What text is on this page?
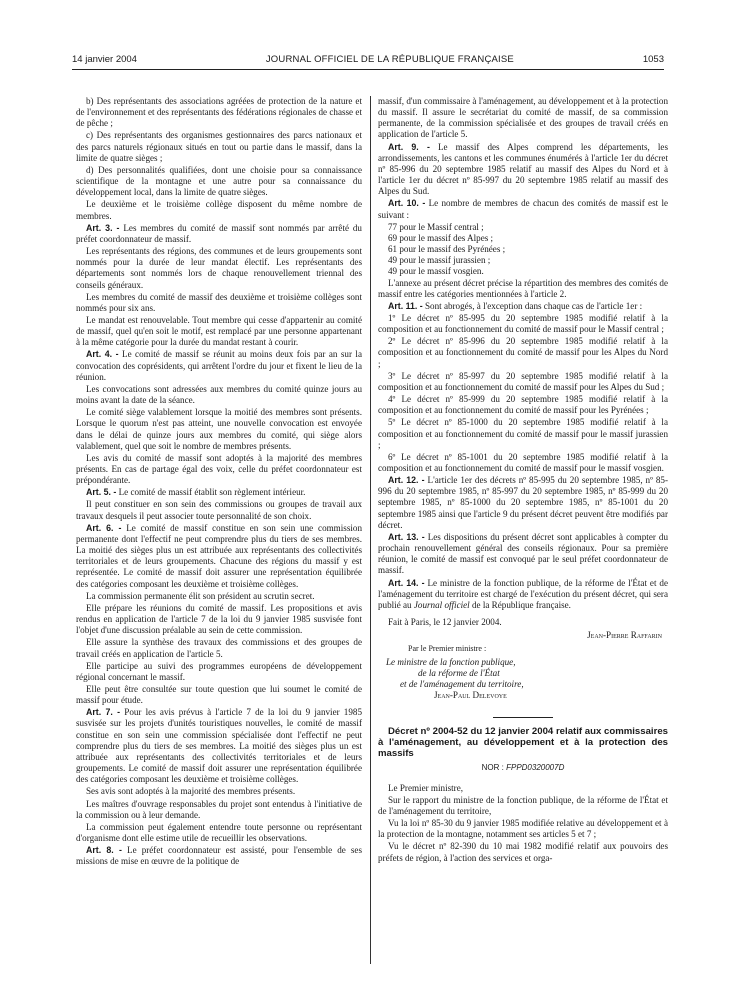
14 janvier 2004	JOURNAL OFFICIEL DE LA RÉPUBLIQUE FRANÇAISE	1053

b) Des représentants des associations agréées de protection de la nature et de l'environnement et des représentants des fédérations régionales de chasse et de pêche ;

c) Des représentants des organismes gestionnaires des parcs nationaux et des parcs naturels régionaux situés en tout ou partie dans le massif, dans la limite de quatre sièges ;

d) Des personnalités qualifiées, dont une choisie pour sa connaissance scientifique de la montagne et une autre pour sa connaissance du développement local, dans la limite de quatre sièges.

Le deuxième et le troisième collège disposent du même nombre de membres.

Art. 3. - Les membres du comité de massif sont nommés par arrêté du préfet coordonnateur de massif.

Les représentants des régions, des communes et de leurs groupements sont nommés pour la durée de leur mandat électif. Les représentants des départements sont nommés lors de chaque renouvellement triennal des conseils généraux.

Les membres du comité de massif des deuxième et troisième collèges sont nommés pour six ans.

Le mandat est renouvelable. Tout membre qui cesse d'appartenir au comité de massif, quel qu'en soit le motif, est remplacé par une personne appartenant à la même catégorie pour la durée du mandat restant à courir.

Art. 4. - Le comité de massif se réunit au moins deux fois par an sur la convocation des coprésidents, qui arrêtent l'ordre du jour et fixent le lieu de la réunion.

Les convocations sont adressées aux membres du comité quinze jours au moins avant la date de la séance.

Le comité siège valablement lorsque la moitié des membres sont présents. Lorsque le quorum n'est pas atteint, une nouvelle convocation est envoyée dans le délai de quinze jours aux membres du comité, qui siège alors valablement, quel que soit le nombre de membres présents.

Les avis du comité de massif sont adoptés à la majorité des membres présents. En cas de partage égal des voix, celle du préfet coordonnateur est prépondérante.

Art. 5. - Le comité de massif établit son règlement intérieur.

Il peut constituer en son sein des commissions ou groupes de travail aux travaux desquels il peut associer toute personnalité de son choix.

Art. 6. - Le comité de massif constitue en son sein une commission permanente dont l'effectif ne peut comprendre plus du tiers de ses membres. La moitié des sièges plus un est attribuée aux représentants des collectivités territoriales et de leurs groupements. Chacune des régions du massif y est représentée. Le comité de massif doit assurer une représentation équilibrée des catégories composant les deuxième et troisième collèges.

La commission permanente élit son président au scrutin secret.

Elle prépare les réunions du comité de massif. Les propositions et avis rendus en application de l'article 7 de la loi du 9 janvier 1985 susvisée font l'objet d'une discussion préalable au sein de cette commission.

Elle assure la synthèse des travaux des commissions et des groupes de travail créés en application de l'article 5.

Elle participe au suivi des programmes européens de développement régional concernant le massif.

Elle peut être consultée sur toute question que lui soumet le comité de massif pour étude.

Art. 7. - Pour les avis prévus à l'article 7 de la loi du 9 janvier 1985 susvisée sur les projets d'unités touristiques nouvelles, le comité de massif constitue en son sein une commission spécialisée dont l'effectif ne peut comprendre plus du tiers de ses membres. La moitié des sièges plus un est attribuée aux représentants des collectivités territoriales et de leurs groupements. Le comité de massif doit assurer une représentation équilibrée des catégories composant les deuxième et troisième collèges.

Ses avis sont adoptés à la majorité des membres présents.

Les maîtres d'ouvrage responsables du projet sont entendus à l'initiative de la commission ou à leur demande.

La commission peut également entendre toute personne ou représentant d'organisme dont elle estime utile de recueillir les observations.

Art. 8. - Le préfet coordonnateur est assisté, pour l'ensemble de ses missions de mise en œuvre de la politique de

massif, d'un commissaire à l'aménagement, au développement et à la protection du massif. Il assure le secrétariat du comité de massif, de sa commission permanente, de la commission spécialisée et des groupes de travail créés en application de l'article 5.

Art. 9. - Le massif des Alpes comprend les départements, les arrondissements, les cantons et les communes énumérés à l'article 1er du décret nº 85-996 du 20 septembre 1985 relatif au massif des Alpes du Nord et à l'article 1er du décret nº 85-997 du 20 septembre 1985 relatif au massif des Alpes du Sud.

Art. 10. - Le nombre de membres de chacun des comités de massif est le suivant :

77 pour le Massif central ;

69 pour le massif des Alpes ;

61 pour le massif des Pyrénées ;

49 pour le massif jurassien ;

49 pour le massif vosgien.

L'annexe au présent décret précise la répartition des membres des comités de massif entre les catégories mentionnées à l'article 2.

Art. 11. - Sont abrogés, à l'exception dans chaque cas de l'article 1er :

1º Le décret nº 85-995 du 20 septembre 1985 modifié relatif à la composition et au fonctionnement du comité de massif pour le Massif central ;

2º Le décret nº 85-996 du 20 septembre 1985 modifié relatif à la composition et au fonctionnement du comité de massif pour les Alpes du Nord ;

3º Le décret nº 85-997 du 20 septembre 1985 modifié relatif à la composition et au fonctionnement du comité de massif pour les Alpes du Sud ;

4º Le décret nº 85-999 du 20 septembre 1985 modifié relatif à la composition et au fonctionnement du comité de massif pour les Pyrénées ;

5º Le décret nº 85-1000 du 20 septembre 1985 modifié relatif à la composition et au fonctionnement du comité de massif pour le massif jurassien ;

6º Le décret nº 85-1001 du 20 septembre 1985 modifié relatif à la composition et au fonctionnement du comité de massif pour le massif vosgien.

Art. 12. - L'article 1er des décrets nº 85-995 du 20 septembre 1985, nº 85-996 du 20 septembre 1985, nº 85-997 du 20 septembre 1985, nº 85-999 du 20 septembre 1985, nº 85-1000 du 20 septembre 1985, nº 85-1001 du 20 septembre 1985 ainsi que l'article 9 du présent décret peuvent être modifiés par décret.

Art. 13. - Les dispositions du présent décret sont applicables à compter du prochain renouvellement général des conseils régionaux. Pour sa première réunion, le comité de massif est convoqué par le seul préfet coordonnateur de massif.

Art. 14. - Le ministre de la fonction publique, de la réforme de l'État et de l'aménagement du territoire est chargé de l'exécution du présent décret, qui sera publié au Journal officiel de la République française.

Fait à Paris, le 12 janvier 2004.

Jean-Pierre Raffarin
Par le Premier ministre :
Le ministre de la fonction publique,
de la réforme de l'État
et de l'aménagement du territoire,
Jean-Paul Delevoye

Décret nº 2004-52 du 12 janvier 2004 relatif aux commissaires à l'aménagement, au développement et à la protection des massifs

NOR : FPPD0320007D

Le Premier ministre,

Sur le rapport du ministre de la fonction publique, de la réforme de l'État et de l'aménagement du territoire,

Vu la loi nº 85-30 du 9 janvier 1985 modifiée relative au développement et à la protection de la montagne, notamment ses articles 5 et 7 ;

Vu le décret nº 82-390 du 10 mai 1982 modifié relatif aux pouvoirs des préfets de région, à l'action des services et orga-
